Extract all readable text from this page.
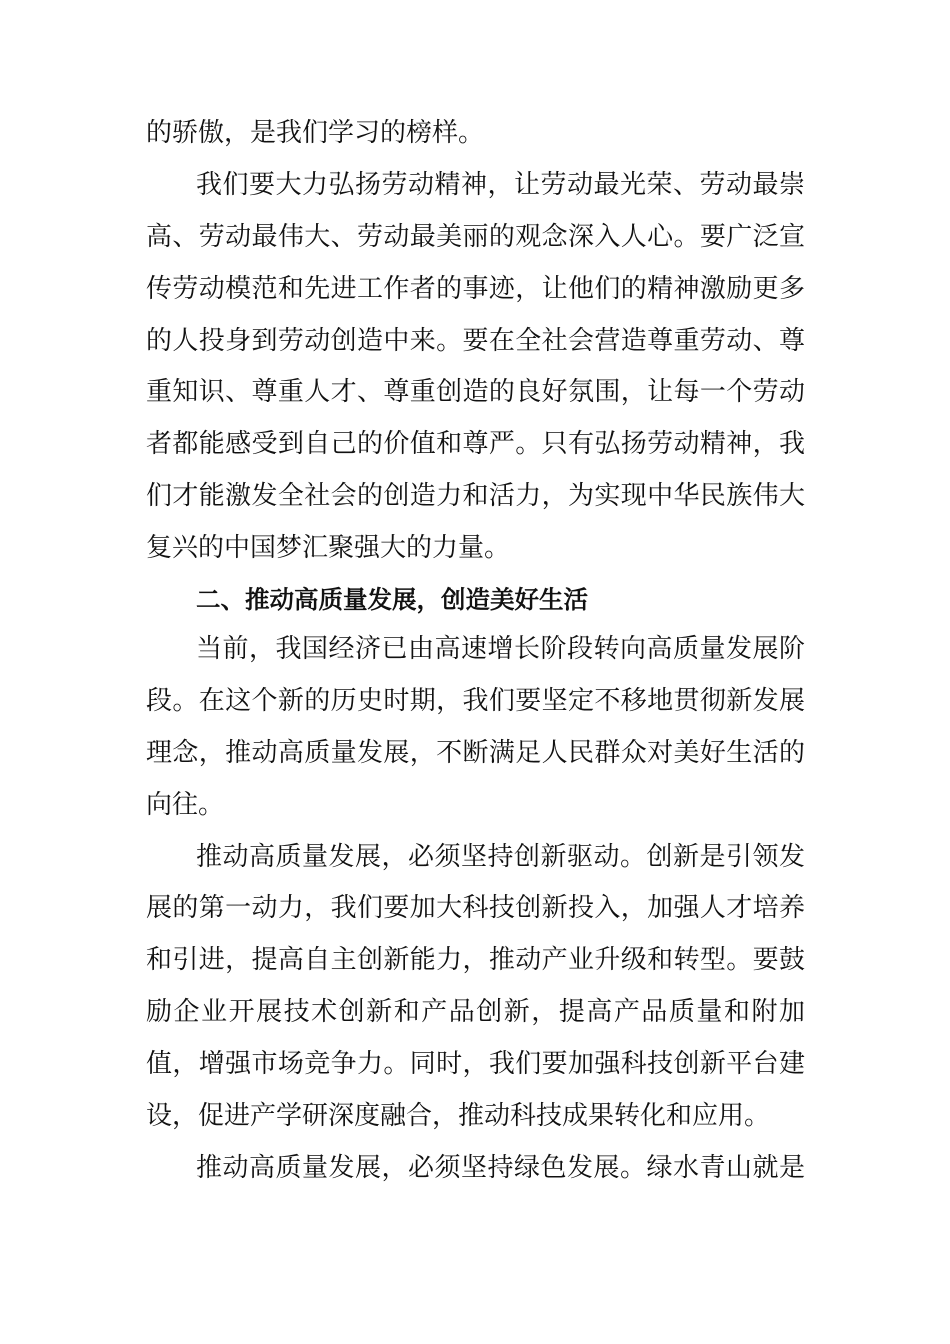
的骄傲，是我们学习的榜样。
我们要大力弘扬劳动精神，让劳动最光荣、劳动最崇
高、劳动最伟大、劳动最美丽的观念深入人心。要广泛宣
传劳动模范和先进工作者的事迹，让他们的精神激励更多
的人投身到劳动创造中来。要在全社会营造尊重劳动、尊
重知识、尊重人才、尊重创造的良好氛围，让每一个劳动
者都能感受到自己的价值和尊严。只有弘扬劳动精神，我
们才能激发全社会的创造力和活力，为实现中华民族伟大
复兴的中国梦汇聚强大的力量。
二、推动高质量发展，创造美好生活
当前，我国经济已由高速增长阶段转向高质量发展阶
段。在这个新的历史时期，我们要坚定不移地贯彻新发展
理念，推动高质量发展，不断满足人民群众对美好生活的
向往。
推动高质量发展，必须坚持创新驱动。创新是引领发
展的第一动力，我们要加大科技创新投入，加强人才培养
和引进，提高自主创新能力，推动产业升级和转型。要鼓
励企业开展技术创新和产品创新，提高产品质量和附加
值，增强市场竞争力。同时，我们要加强科技创新平台建
设，促进产学研深度融合，推动科技成果转化和应用。
推动高质量发展，必须坚持绿色发展。绿水青山就是
